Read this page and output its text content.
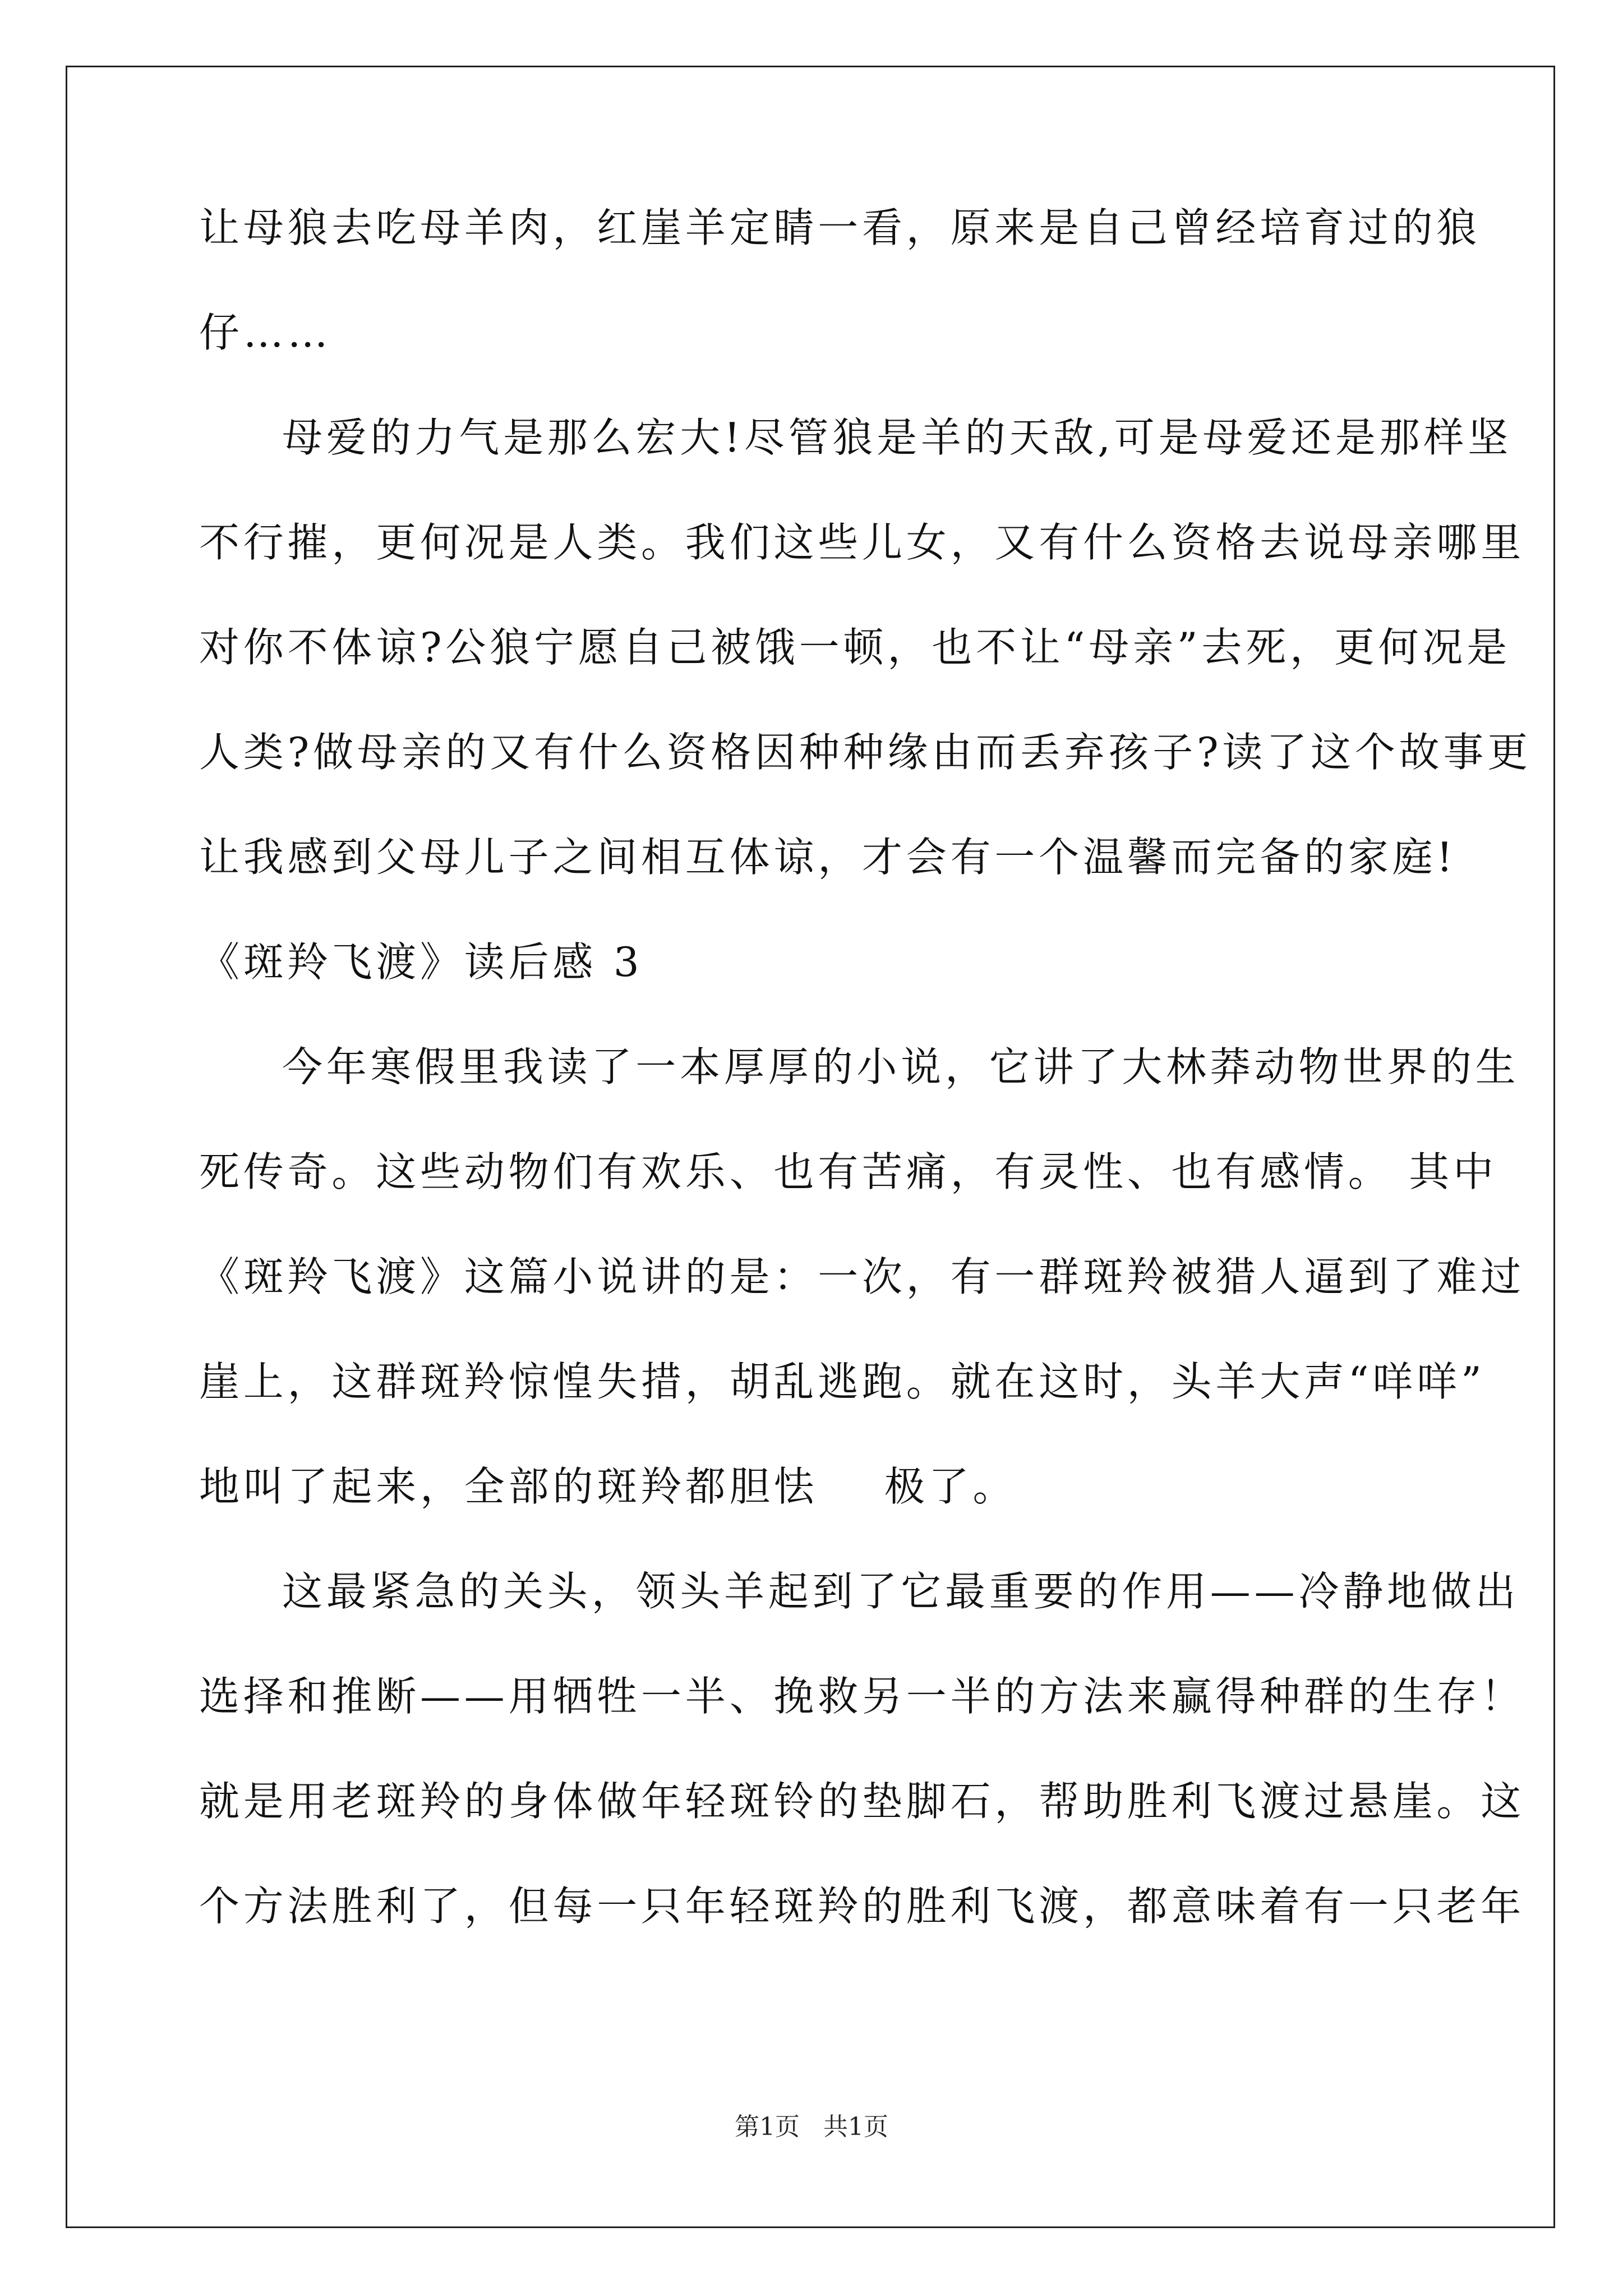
让母狼去吃母羊肉，红崖羊定睛一看，原来是自己曾经培育过的狼
仔……
母爱的力气是那么宏大!尽管狼是羊的天敌,可是母爱还是那样坚
不行摧，更何况是人类。我们这些儿女，又有什么资格去说母亲哪里
对你不体谅?公狼宁愿自己被饿一顿，也不让“母亲”去死，更何况是
人类?做母亲的又有什么资格因种种缘由而丢弃孩子?读了这个故事更
让我感到父母儿子之间相互体谅，才会有一个温馨而完备的家庭!
《斑羚飞渡》读后感 3
今年寒假里我读了一本厚厚的小说，它讲了大林莽动物世界的生
死传奇。这些动物们有欢乐、也有苦痛，有灵性、也有感情。 其中
《斑羚飞渡》这篇小说讲的是：一次，有一群斑羚被猎人逼到了难过
崖上，这群斑羚惊惶失措，胡乱逃跑。就在这时，头羊大声“咩咩”
地叫了起来，全部的斑羚都胆怯    极了。
这最紧急的关头，领头羊起到了它最重要的作用——冷静地做出
选择和推断——用牺牲一半、挽救另一半的方法来赢得种群的生存！
就是用老斑羚的身体做年轻斑铃的垫脚石，帮助胜利飞渡过悬崖。这
个方法胜利了，但每一只年轻斑羚的胜利飞渡，都意味着有一只老年
第1页   共1页
